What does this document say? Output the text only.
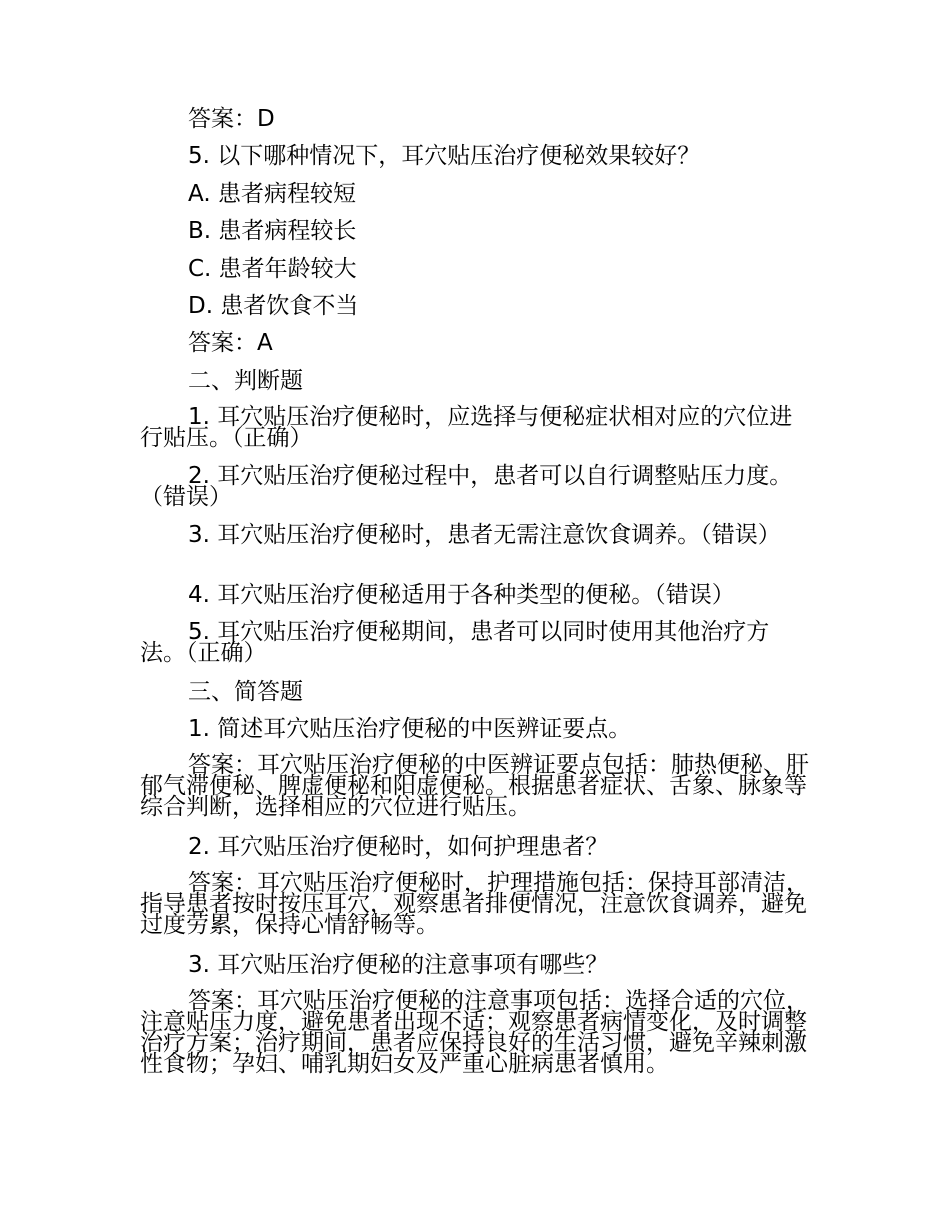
答案：D
5. 以下哪种情况下，耳穴贴压治疗便秘效果较好？
A. 患者病程较短
B. 患者病程较长
C. 患者年龄较大
D. 患者饮食不当
答案：A
二、判断题
1. 耳穴贴压治疗便秘时，应选择与便秘症状相对应的穴位进行贴压。（正确）
2. 耳穴贴压治疗便秘过程中，患者可以自行调整贴压力度。（错误）
3. 耳穴贴压治疗便秘时，患者无需注意饮食调养。（错误）
4. 耳穴贴压治疗便秘适用于各种类型的便秘。（错误）
5. 耳穴贴压治疗便秘期间，患者可以同时使用其他治疗方法。（正确）
三、简答题
1. 简述耳穴贴压治疗便秘的中医辨证要点。
答案：耳穴贴压治疗便秘的中医辨证要点包括：肺热便秘、肝郁气滞便秘、脾虚便秘和阳虚便秘。根据患者症状、舌象、脉象等综合判断，选择相应的穴位进行贴压。
2. 耳穴贴压治疗便秘时，如何护理患者？
答案：耳穴贴压治疗便秘时，护理措施包括：保持耳部清洁，指导患者按时按压耳穴，观察患者排便情况，注意饮食调养，避免过度劳累，保持心情舒畅等。
3. 耳穴贴压治疗便秘的注意事项有哪些？
答案：耳穴贴压治疗便秘的注意事项包括：选择合适的穴位，注意贴压力度，避免患者出现不适；观察患者病情变化，及时调整治疗方案；治疗期间，患者应保持良好的生活习惯，避免辛辣刺激性食物；孕妇、哺乳期妇女及严重心脏病患者慎用。
